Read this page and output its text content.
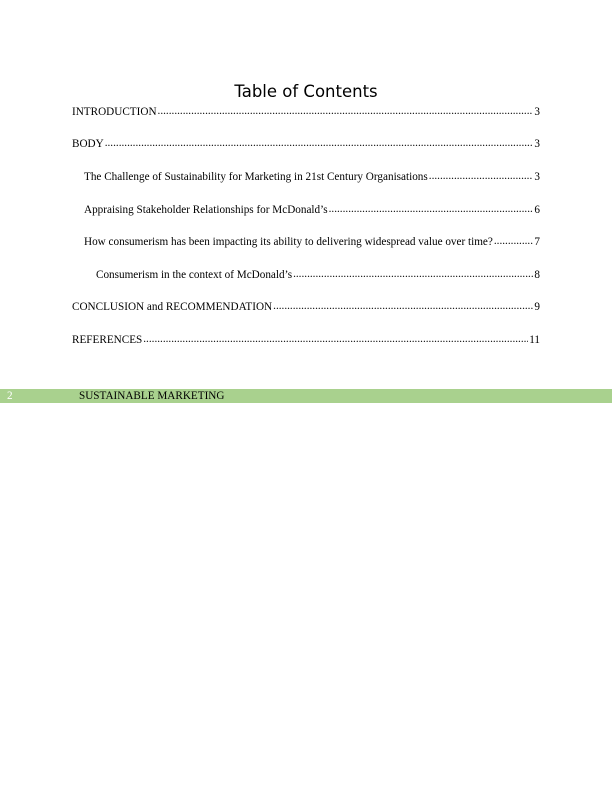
Table of Contents
INTRODUCTION .....	3
BODY .....	3
The Challenge of Sustainability for Marketing in 21st Century Organisations .....	3
Appraising Stakeholder Relationships for McDonald’s .....	6
How consumerism has been impacting its ability to delivering widespread value over time? .....	7
Consumerism in the context of McDonald’s .....	8
CONCLUSION and RECOMMENDATION .....	9
REFERENCES .....	11
2	SUSTAINABLE MARKETING
